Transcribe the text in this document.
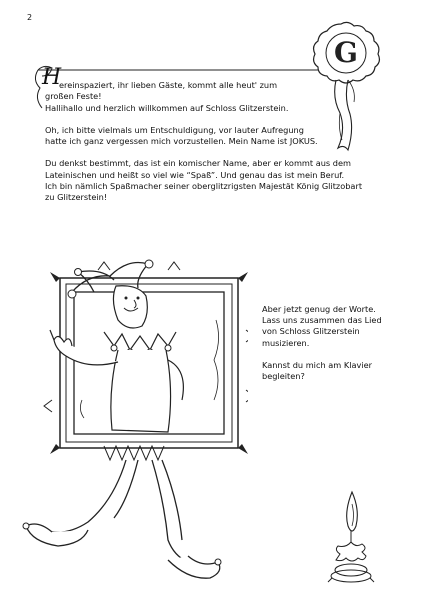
2
G
H

ereinspaziert, ihr lieben Gäste, kommt alle heut' zum
großen Feste!
Hallihallo und herzlich willkommen auf Schloss Glitzerstein.

Oh, ich bitte vielmals um Entschuldigung, vor lauter Aufregung
hatte ich ganz vergessen mich vorzustellen. Mein Name ist JOKUS.

Du denkst bestimmt, das ist ein komischer Name, aber er kommt aus dem
Lateinischen und heißt so viel wie “Spaß”. Und genau das ist mein Beruf.
Ich bin nämlich Spaßmacher seiner oberglitzrigsten Majestät König Glitzobart
zu Glitzerstein!

Aber jetzt genug der Worte.
Lass uns zusammen das Lied
von Schloss Glitzerstein
musizieren.

Kannst du mich am Klavier
begleiten?
